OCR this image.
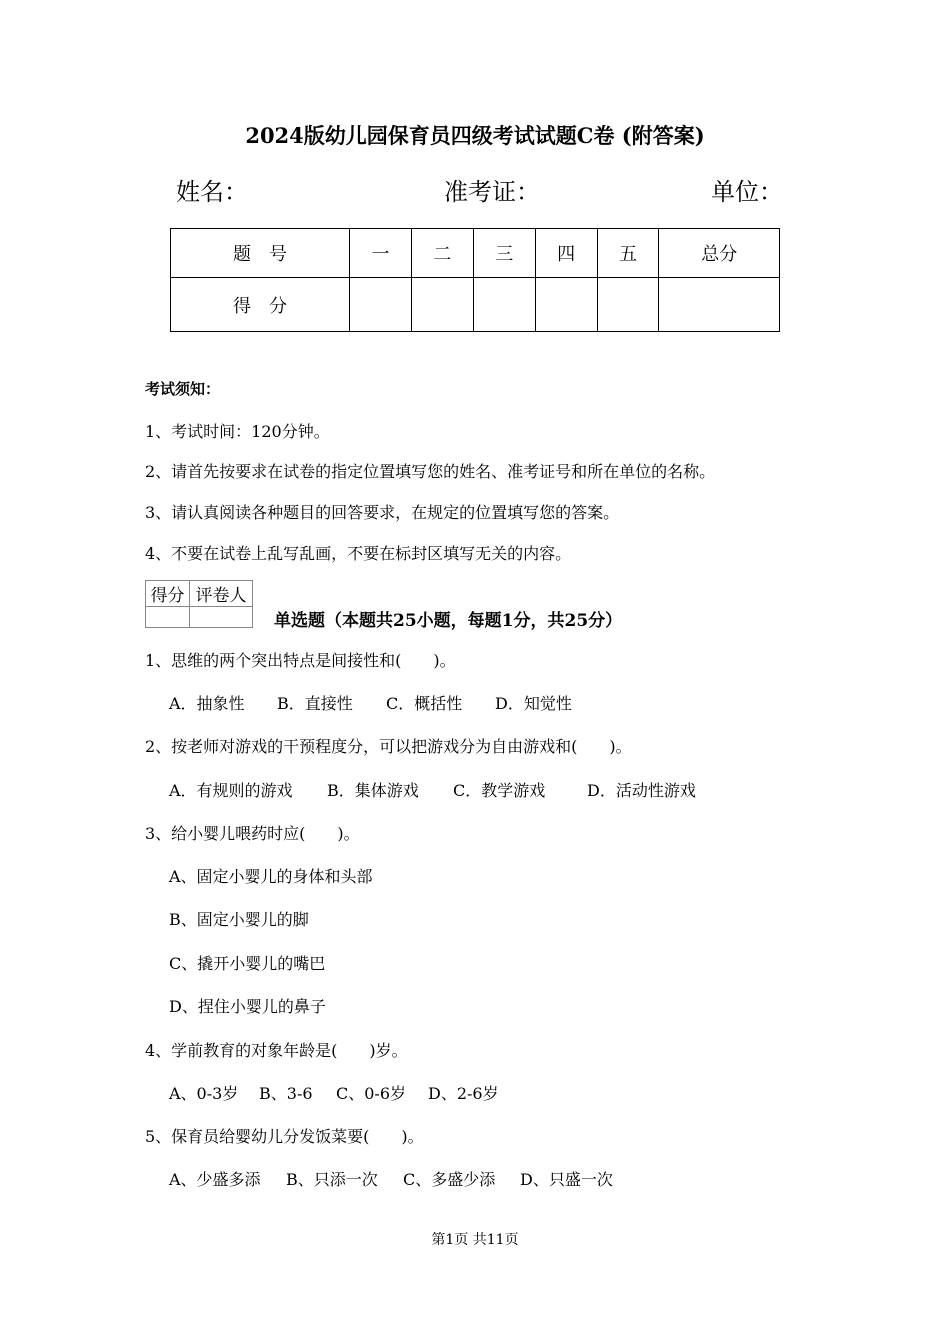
2024版幼儿园保育员四级考试试题C卷 (附答案)
姓名：	准考证：	单位：
题　号	一	二	三	四	五	总分
得　分						
考试须知：
1、考试时间：120分钟。
2、请首先按要求在试卷的指定位置填写您的姓名、准考证号和所在单位的名称。
3、请认真阅读各种题目的回答要求，在规定的位置填写您的答案。
4、不要在试卷上乱写乱画，不要在标封区填写无关的内容。
得分	评卷人

单选题（本题共25小题，每题1分，共25分）
1、思维的两个突出特点是间接性和(　　)。
A．抽象性 B．直接性 C．概括性 D．知觉性
2、按老师对游戏的干预程度分，可以把游戏分为自由游戏和(　　)。
A．有规则的游戏 B．集体游戏 C．教学游戏	D．活动性游戏
3、给小婴儿喂药时应(　　)。
A、固定小婴儿的身体和头部
B、固定小婴儿的脚
C、撬开小婴儿的嘴巴
D、捏住小婴儿的鼻子
4、学前教育的对象年龄是(　　)岁。
A、0-3岁 B、3-6 C、0-6岁 D、2-6岁
5、保育员给婴幼儿分发饭菜要(　　)。
A、少盛多添 B、只添一次 C、多盛少添 D、只盛一次
第1页 共11页
